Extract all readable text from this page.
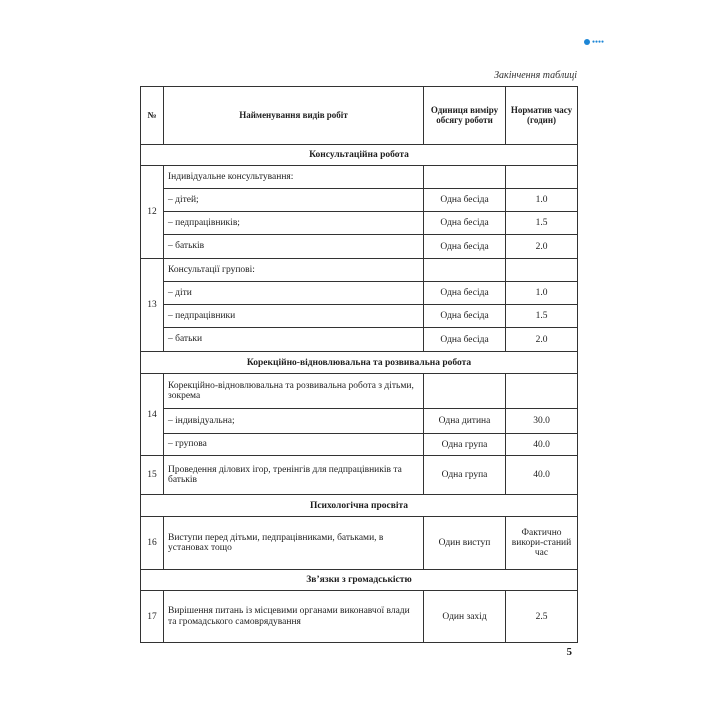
●●●●
Закінчення таблиці
№	Найменування видів робіт	Одиниця виміру обсягу роботи	Норматив часу (годин)
Консультаційна робота			
12	Індивідуальне консультування:		
	– дітей;	Одна бесіда	1.0
	– педпрацівників;	Одна бесіда	1.5
	– батьків	Одна бесіда	2.0
13	Консультації групові:		
	– діти	Одна бесіда	1.0
	– педпрацівники	Одна бесіда	1.5
	– батьки	Одна бесіда	2.0
Корекційно-відновлювальна та розвивальна робота			
14	Корекційно-відновлювальна та розвивальна робота з дітьми, зокрема		
	– індивідуальна;	Одна дитина	30.0
	– групова	Одна група	40.0
15	Проведення ділових ігор, тренінгів для педпрацівників та батьків	Одна група	40.0
Психологічна просвіта			
16	Виступи перед дітьми, педпрацівниками, батьками, в установах тощо	Один виступ	Фактично викори-станий час
Зв’язки з громадськістю			
17	Вирішення питань із місцевими органами виконавчої влади та громадського самоврядування	Один захід	2.5
5
